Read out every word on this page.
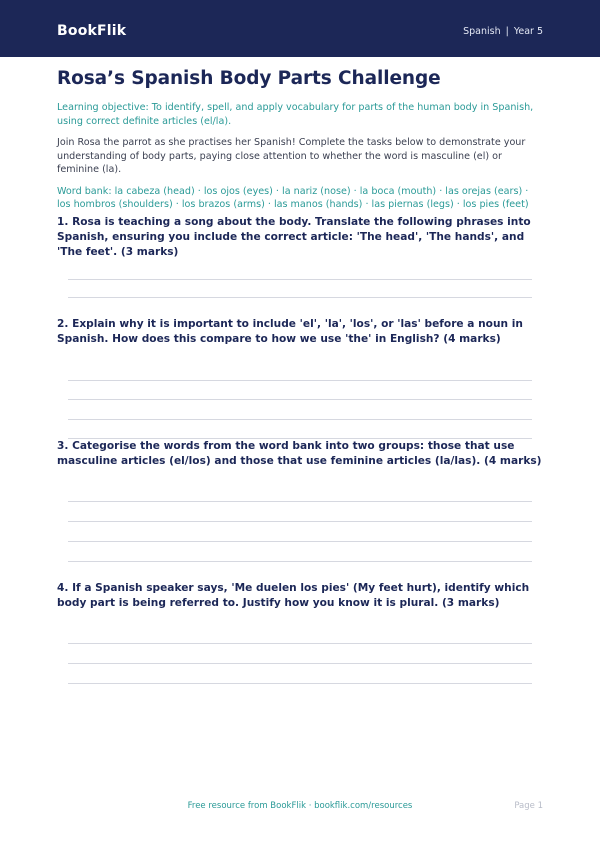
BookFlik	Spanish | Year 5
Rosa’s Spanish Body Parts Challenge

Learning objective: To identify, spell, and apply vocabulary for parts of the human body in Spanish, using correct definite articles (el/la).

Join Rosa the parrot as she practises her Spanish! Complete the tasks below to demonstrate your understanding of body parts, paying close attention to whether the word is masculine (el) or feminine (la).

Word bank: la cabeza (head) · los ojos (eyes) · la nariz (nose) · la boca (mouth) · las orejas (ears) · los hombros (shoulders) · los brazos (arms) · las manos (hands) · las piernas (legs) · los pies (feet)

1. Rosa is teaching a song about the body. Translate the following phrases into Spanish, ensuring you include the correct article: 'The head', 'The hands', and 'The feet'. (3 marks)

2. Explain why it is important to include 'el', 'la', 'los', or 'las' before a noun in Spanish. How does this compare to how we use 'the' in English? (4 marks)

3. Categorise the words from the word bank into two groups: those that use masculine articles (el/los) and those that use feminine articles (la/las). (4 marks)

4. If a Spanish speaker says, 'Me duelen los pies' (My feet hurt), identify which body part is being referred to. Justify how you know it is plural. (3 marks)

Free resource from BookFlik · bookflik.com/resources	Page 1
